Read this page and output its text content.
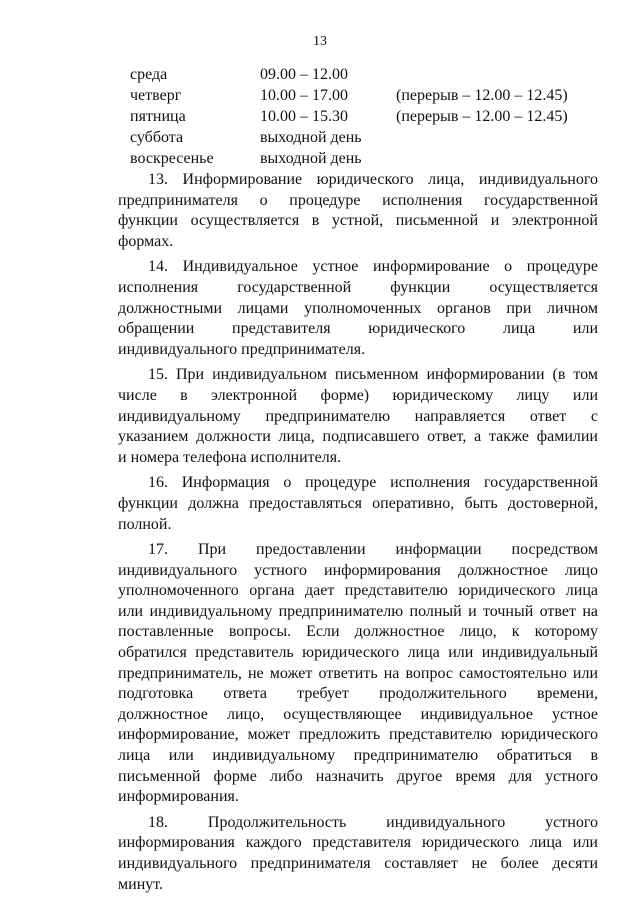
13
среда	09.00 – 12.00
четверг	10.00 – 17.00	(перерыв – 12.00 – 12.45)
пятница	10.00 – 15.30	(перерыв – 12.00 – 12.45)
суббота	выходной день
воскресенье	выходной день
13. Информирование юридического лица, индивидуального
предпринимателя о процедуре исполнения государственной
функции осуществляется в устной, письменной и электронной
формах.
14. Индивидуальное устное информирование о процедуре
исполнения государственной функции осуществляется
должностными лицами уполномоченных органов при личном
обращении представителя юридического лица или
индивидуального предпринимателя.
15. При индивидуальном письменном информировании (в том
числе в электронной форме) юридическому лицу или
индивидуальному предпринимателю направляется ответ с
указанием должности лица, подписавшего ответ, а также фамилии
и номера телефона исполнителя.
16. Информация о процедуре исполнения государственной
функции должна предоставляться оперативно, быть достоверной,
полной.
17. При предоставлении информации посредством
индивидуального устного информирования должностное лицо
уполномоченного органа дает представителю юридического лица
или индивидуальному предпринимателю полный и точный ответ на
поставленные вопросы. Если должностное лицо, к которому
обратился представитель юридического лица или индивидуальный
предприниматель, не может ответить на вопрос самостоятельно или
подготовка ответа требует продолжительного времени,
должностное лицо, осуществляющее индивидуальное устное
информирование, может предложить представителю юридического
лица или индивидуальному предпринимателю обратиться в
письменной форме либо назначить другое время для устного
информирования.
18. Продолжительность индивидуального устного
информирования каждого представителя юридического лица или
индивидуального предпринимателя составляет не более десяти
минут.
